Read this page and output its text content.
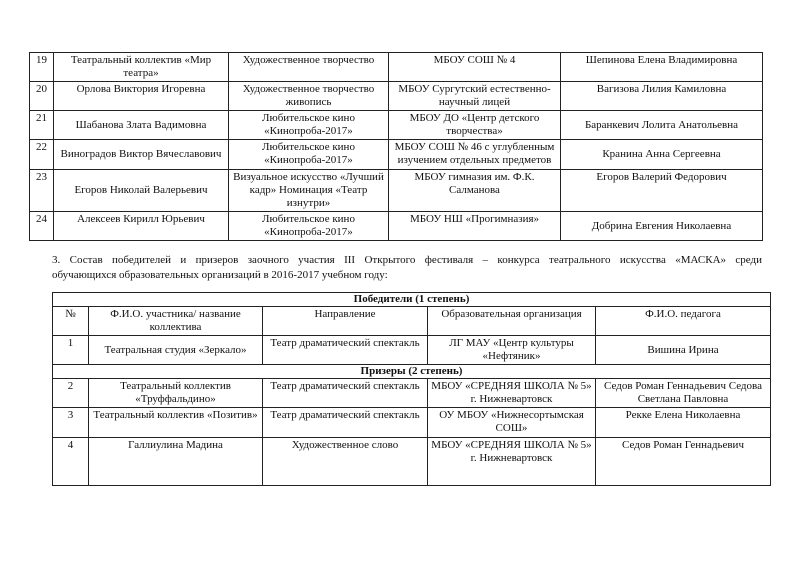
19	Театральный коллектив «Мир театра»	Художественное творчество	МБОУ СОШ № 4	Шепинова Елена Владимировна
20	Орлова Виктория Игоревна	Художественное творчество живопись	МБОУ Сургутский естественно-научный лицей	Вагизова Лилия Камиловна
21	Шабанова Злата Вадимовна	Любительское кино «Кинопроба-2017»	МБОУ ДО «Центр детского творчества»	Баранкевич Лолита Анатольевна
22	Виноградов Виктор Вячеславович	Любительское кино «Кинопроба-2017»	МБОУ СОШ № 46 с углубленным изучением отдельных предметов	Кранина Анна Сергеевна
23	Егоров Николай Валерьевич	Визуальное искусство «Лучший кадр» Номинация «Театр изнутри»	МБОУ гимназия им. Ф.К. Салманова	Егоров Валерий Федорович
24	Алексеев Кирилл Юрьевич	Любительское кино «Кинопроба-2017»	МБОУ НШ «Прогимназия»	Добрина Евгения Николаевна
3. Состав победителей и призеров заочного участия III Открытого фестиваля – конкурса театрального искусства «МАСКА» среди
обучающихся образовательных организаций в 2016-2017 учебном году:
Победители (1 степень)				
№	Ф.И.О. участника/ название коллектива	Направление	Образовательная организация	Ф.И.О. педагога
1	Театральная студия «Зеркало»	Театр драматический спектакль	ЛГ МАУ «Центр культуры «Нефтяник»	Вишина Ирина
Призеры (2 степень)				
2	Театральный коллектив «Труффальдино»	Театр драматический спектакль	МБОУ «СРЕДНЯЯ ШКОЛА № 5» г. Нижневартовск	Седов Роман Геннадьевич Седова Светлана Павловна
3	Театральный коллектив «Позитив»	Театр драматический спектакль	ОУ МБОУ «Нижнесортымская СОШ»	Рекке Елена Николаевна
4	Галлиулина Мадина	Художественное слово	МБОУ «СРЕДНЯЯ ШКОЛА № 5» г. Нижневартовск	Седов Роман Геннадьевич
